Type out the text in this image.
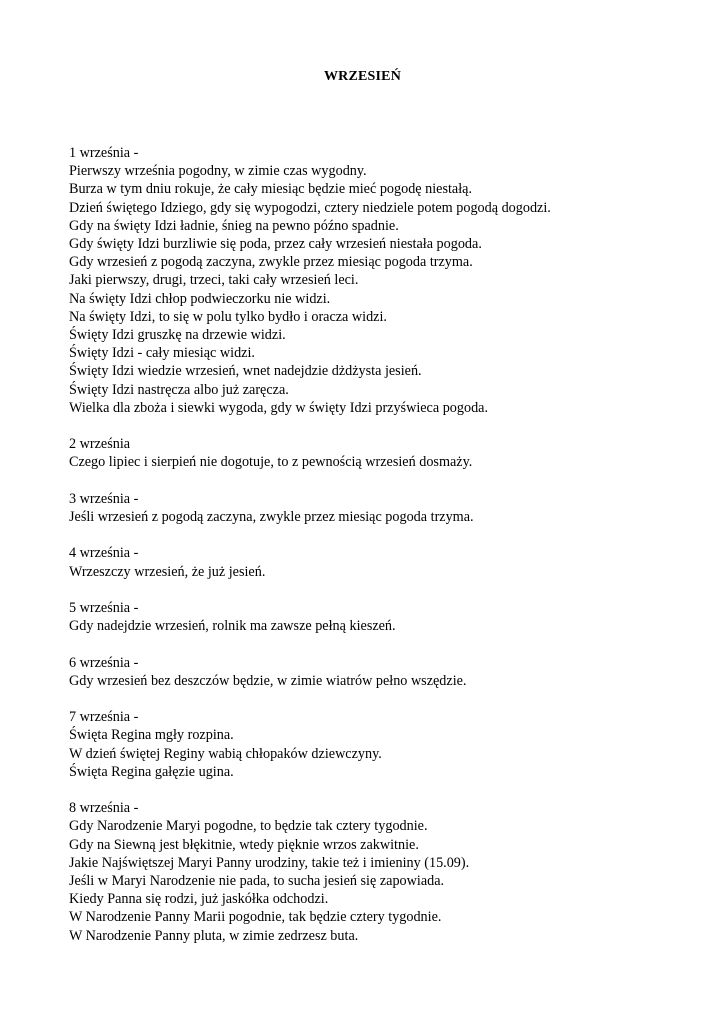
WRZESIEŃ
1 września -
Pierwszy września pogodny, w zimie czas wygodny.
Burza w tym dniu rokuje, że cały miesiąc będzie mieć pogodę niestałą.
Dzień świętego Idziego, gdy się wypogodzi, cztery niedziele potem pogodą dogodzi.
Gdy na święty Idzi ładnie, śnieg na pewno późno spadnie.
Gdy święty Idzi burzliwie się poda, przez cały wrzesień niestała pogoda.
Gdy wrzesień z pogodą zaczyna, zwykle przez miesiąc pogoda trzyma.
Jaki pierwszy, drugi, trzeci, taki cały wrzesień leci.
Na święty Idzi chłop podwieczorku nie widzi.
Na święty Idzi, to się w polu tylko bydło i oracza widzi.
Święty Idzi gruszkę na drzewie widzi.
Święty Idzi - cały miesiąc widzi.
Święty Idzi wiedzie wrzesień, wnet nadejdzie dżdżysta jesień.
Święty Idzi nastręcza albo już zaręcza.
Wielka dla zboża i siewki wygoda, gdy w święty Idzi przyświeca pogoda.
2 września
Czego lipiec i sierpień nie dogotuje, to z pewnością wrzesień dosmaży.
3 września -
Jeśli wrzesień z pogodą zaczyna, zwykle przez miesiąc pogoda trzyma.
4 września -
Wrzeszczy wrzesień, że już jesień.
5 września -
Gdy nadejdzie wrzesień, rolnik ma zawsze pełną kieszeń.
6 września -
Gdy wrzesień bez deszczów będzie, w zimie wiatrów pełno wszędzie.
7 września -
Święta Regina mgły rozpina.
W dzień świętej Reginy wabią chłopaków dziewczyny.
Święta Regina gałęzie ugina.
8 września -
Gdy Narodzenie Maryi pogodne, to będzie tak cztery tygodnie.
Gdy na Siewną jest błękitnie, wtedy pięknie wrzos zakwitnie.
Jakie Najświętszej Maryi Panny urodziny, takie też i imieniny (15.09).
Jeśli w Maryi Narodzenie nie pada, to sucha jesień się zapowiada.
Kiedy Panna się rodzi, już jaskółka odchodzi.
W Narodzenie Panny Marii pogodnie, tak będzie cztery tygodnie.
W Narodzenie Panny pluta, w zimie zedrzesz buta.
